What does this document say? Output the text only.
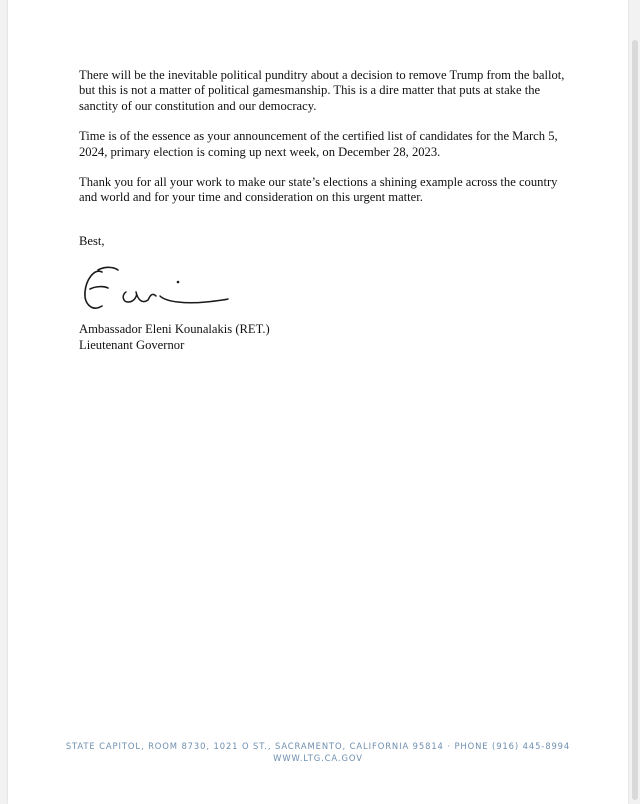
There will be the inevitable political punditry about a decision to remove Trump from the ballot, but this is not a matter of political gamesmanship. This is a dire matter that puts at stake the sanctity of our constitution and our democracy.

Time is of the essence as your announcement of the certified list of candidates for the March 5, 2024, primary election is coming up next week, on December 28, 2023.

Thank you for all your work to make our state’s elections a shining example across the country and world and for your time and consideration on this urgent matter.

Best,
Ambassador Eleni Kounalakis (RET.)
Lieutenant Governor
STATE CAPITOL, ROOM 8730, 1021 O ST., SACRAMENTO, CALIFORNIA 95814 · PHONE (916) 445-8994
WWW.LTG.CA.GOV
